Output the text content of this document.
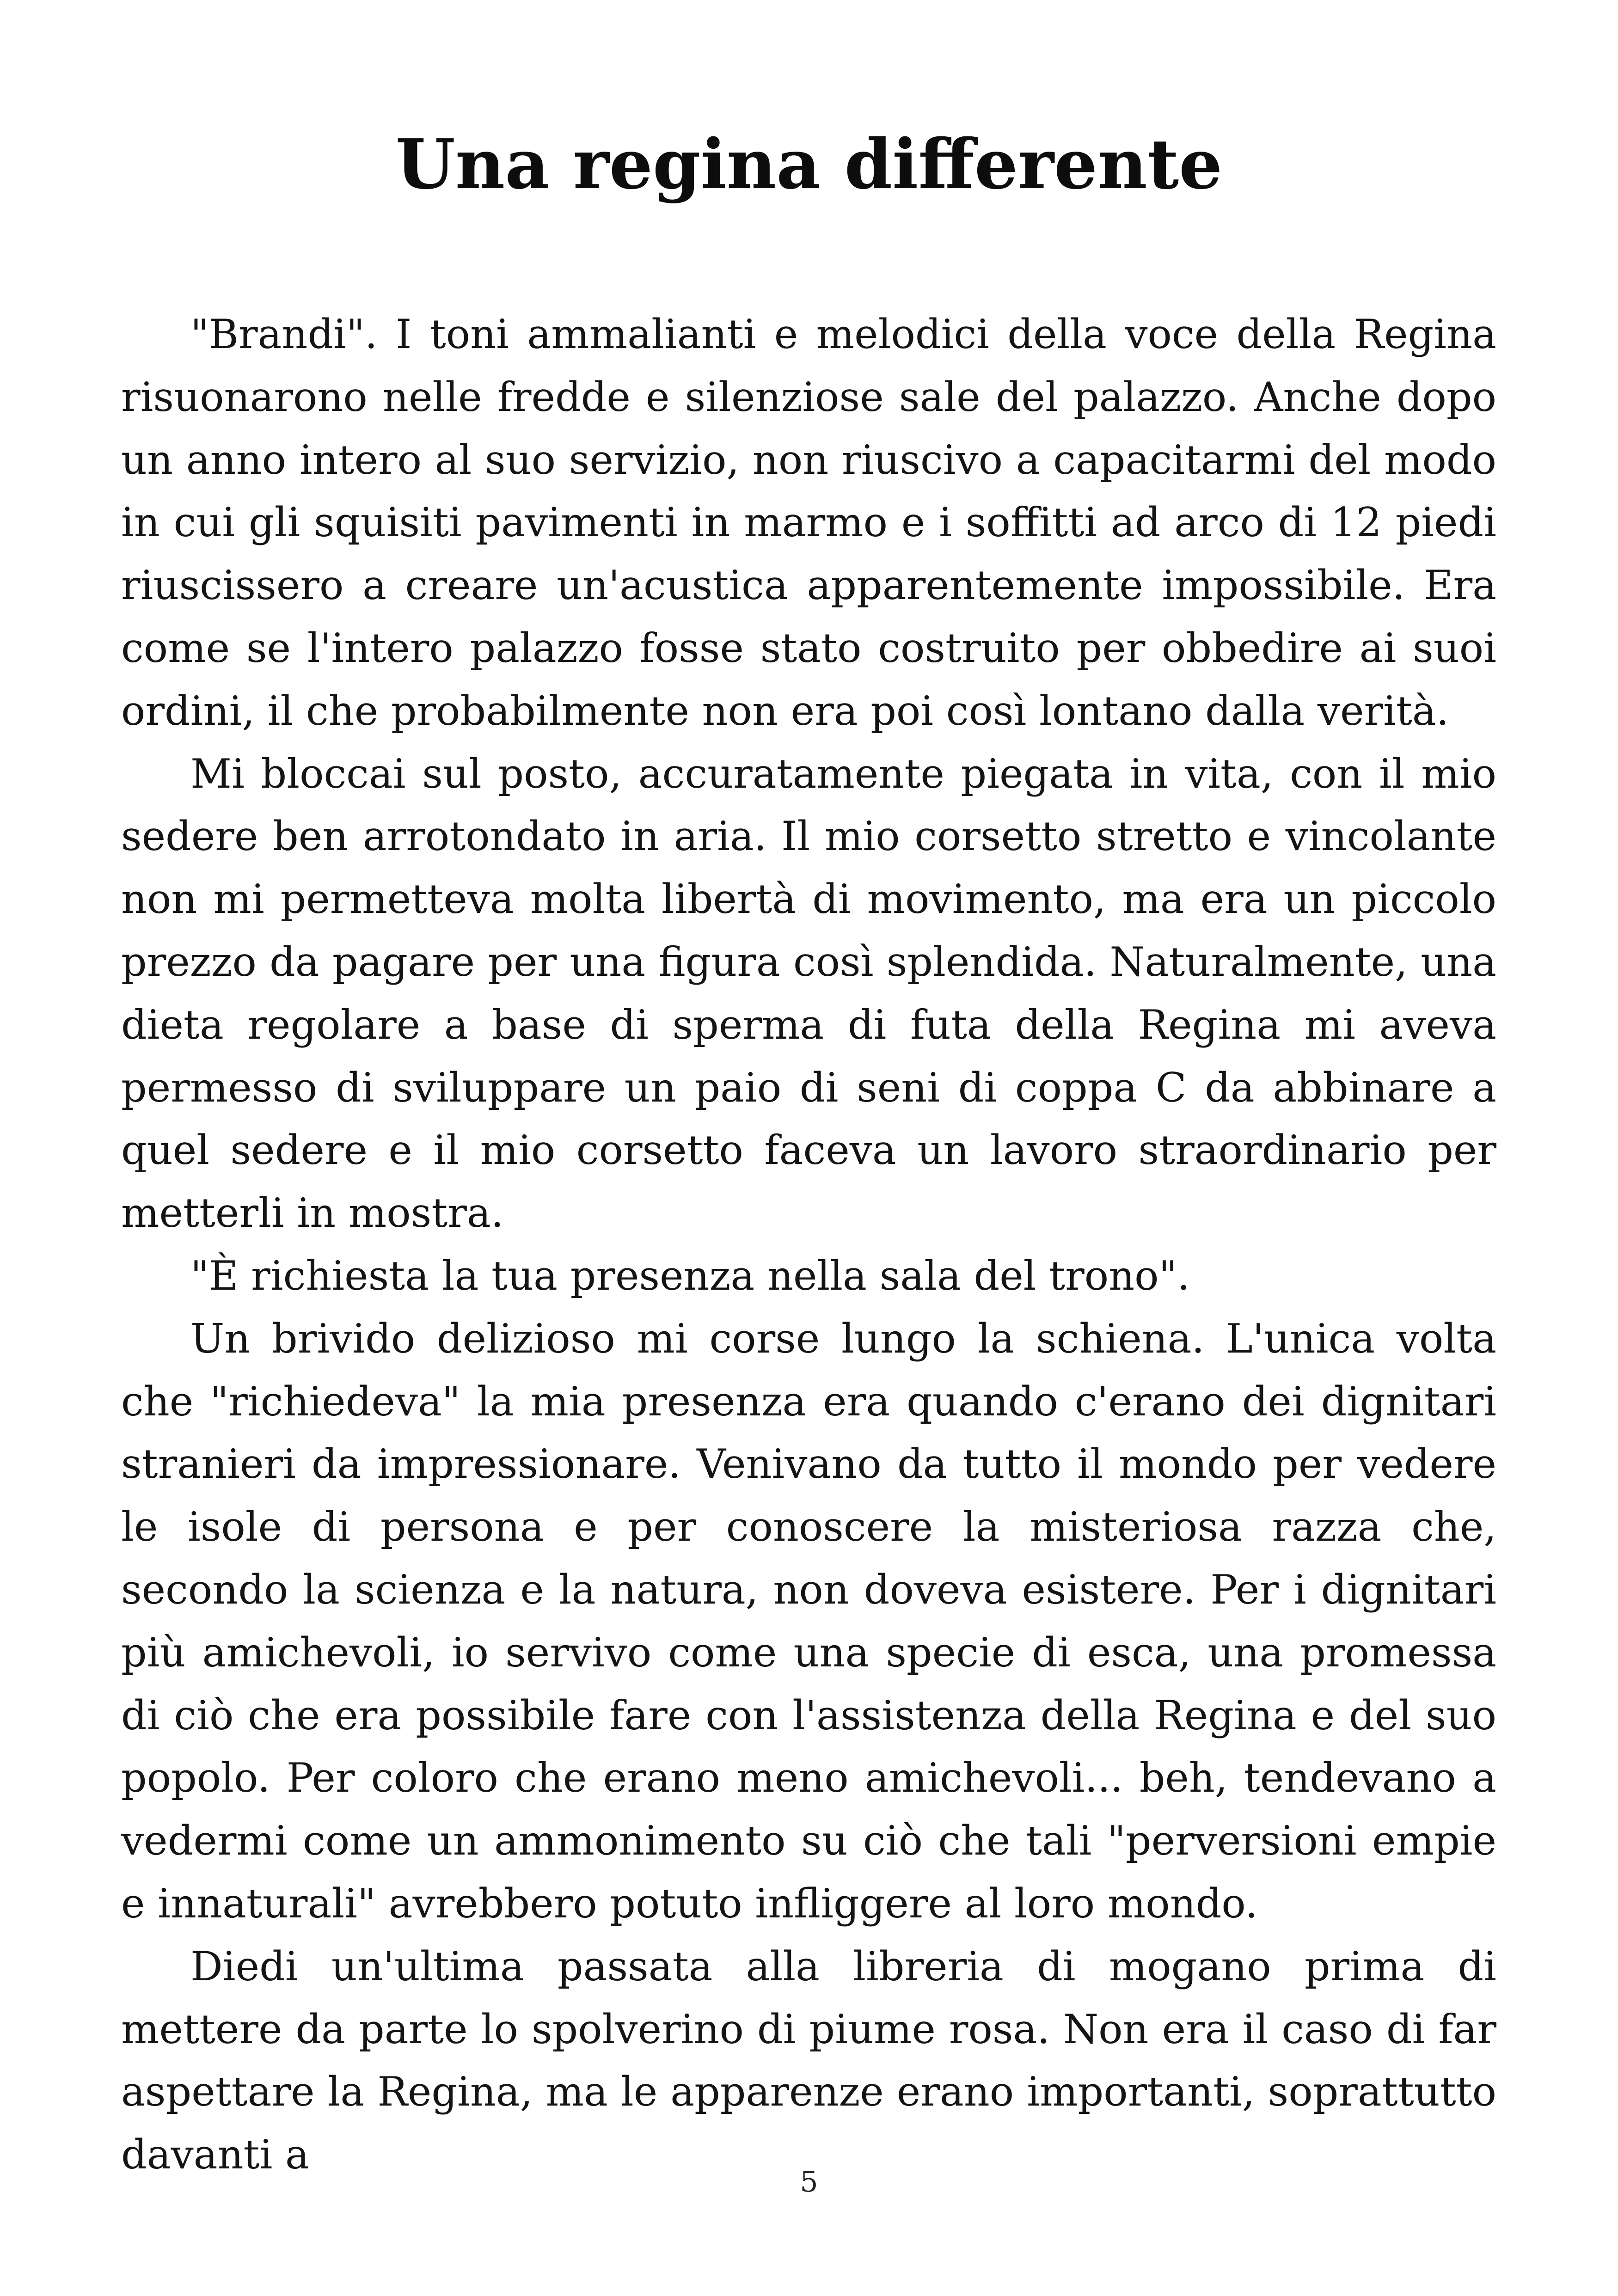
Una regina differente

"Brandi". I toni ammalianti e melodici della voce della Regina risuonarono nelle fredde e silenziose sale del palazzo. Anche dopo un anno intero al suo servizio, non riuscivo a capacitarmi del modo in cui gli squisiti pavimenti in marmo e i soffitti ad arco di 12 piedi riuscissero a creare un'acustica apparentemente impossibile. Era come se l'intero palazzo fosse stato costruito per obbedire ai suoi ordini, il che probabilmente non era poi così lontano dalla verità.

Mi bloccai sul posto, accuratamente piegata in vita, con il mio sedere ben arrotondato in aria. Il mio corsetto stretto e vincolante non mi permetteva molta libertà di movimento, ma era un piccolo prezzo da pagare per una figura così splendida. Naturalmente, una dieta regolare a base di sperma di futa della Regina mi aveva permesso di sviluppare un paio di seni di coppa C da abbinare a quel sedere e il mio corsetto faceva un lavoro straordinario per metterli in mostra.

"È richiesta la tua presenza nella sala del trono".

Un brivido delizioso mi corse lungo la schiena. L'unica volta che "richiedeva" la mia presenza era quando c'erano dei dignitari stranieri da impressionare. Venivano da tutto il mondo per vedere le isole di persona e per conoscere la misteriosa razza che, secondo la scienza e la natura, non doveva esistere. Per i dignitari più amichevoli, io servivo come una specie di esca, una promessa di ciò che era possibile fare con l'assistenza della Regina e del suo popolo. Per coloro che erano meno amichevoli... beh, tendevano a vedermi come un ammonimento su ciò che tali "perversioni empie e innaturali" avrebbero potuto infliggere al loro mondo.

Diedi un'ultima passata alla libreria di mogano prima di mettere da parte lo spolverino di piume rosa. Non era il caso di far aspettare la Regina, ma le apparenze erano importanti, soprattutto davanti a

5
